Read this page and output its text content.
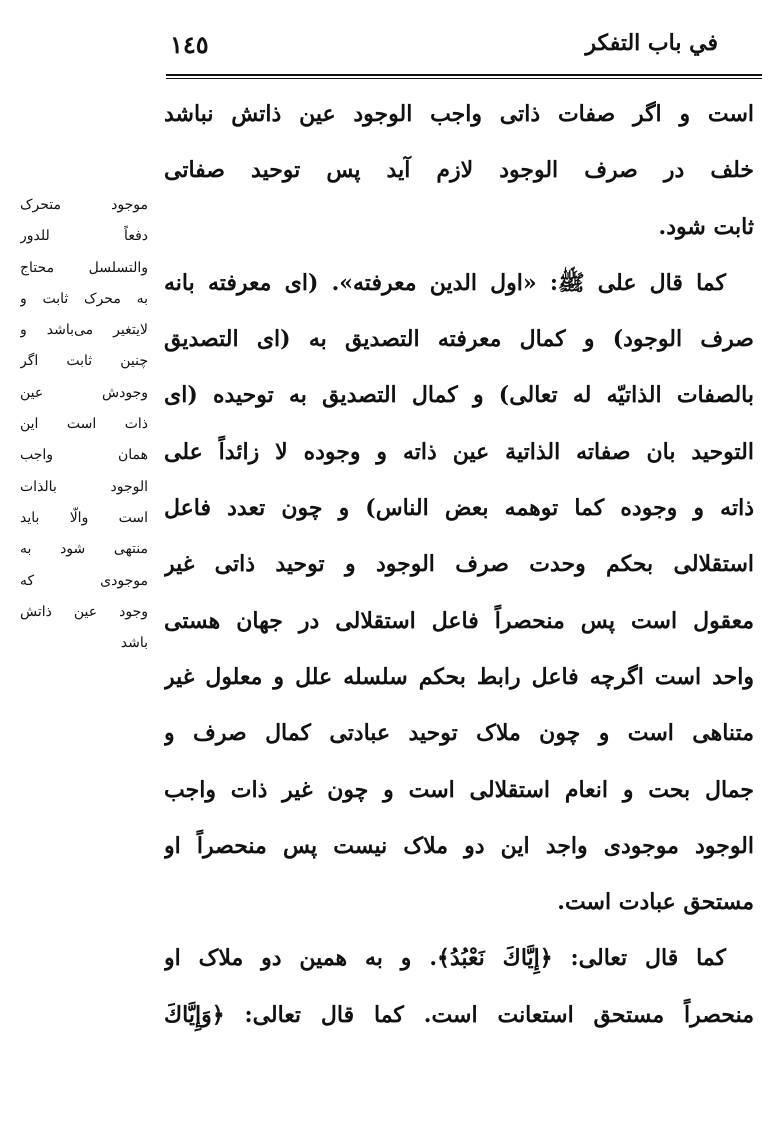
في باب التفكر
١٤٥
است و اگر صفات ذاتی واجب الوجود عین ذاتش نباشد
خلف در صرف الوجود لازم آید پس توحید صفاتی
ثابت شود.
کما قال علی ﷺ: «اول الدین معرفته». (ای معرفته بانه
صرف الوجود) و کمال معرفته التصدیق به (ای التصدیق
بالصفات الذاتیّه له تعالی) و کمال التصدیق به توحیده (ای
التوحید بان صفاته الذاتیة عین ذاته و وجوده لا زائداً علی
ذاته و وجوده کما توهمه بعض الناس) و چون تعدد فاعل
استقلالی بحکم وحدت صرف الوجود و توحید ذاتی غیر
معقول است پس منحصراً فاعل استقلالی در جهان هستی
واحد است اگرچه فاعل رابط بحکم سلسله علل و معلول غیر
متناهی است و چون ملاک توحید عبادتی کمال صرف و
جمال بحت و انعام استقلالی است و چون غیر ذات واجب
الوجود موجودی واجد این دو ملاک نیست پس منحصراً او
مستحق عبادت است.
کما قال تعالی: ﴿إِيَّاكَ نَعْبُدُ﴾. و به همین دو ملاک او
منحصراً مستحق استعانت است. کما قال تعالی: ﴿وَإِيَّاكَ
موجود متحرک
دفعاً للدور
والتسلسل محتاج
به محرک ثابت و
لایتغیر می‌باشد و
چنین ثابت اگر
وجودش عین
ذات است این
همان واجب
الوجود بالذات
است والّا باید
منتهی شود به
موجودی که
وجود عین ذاتش
باشد
